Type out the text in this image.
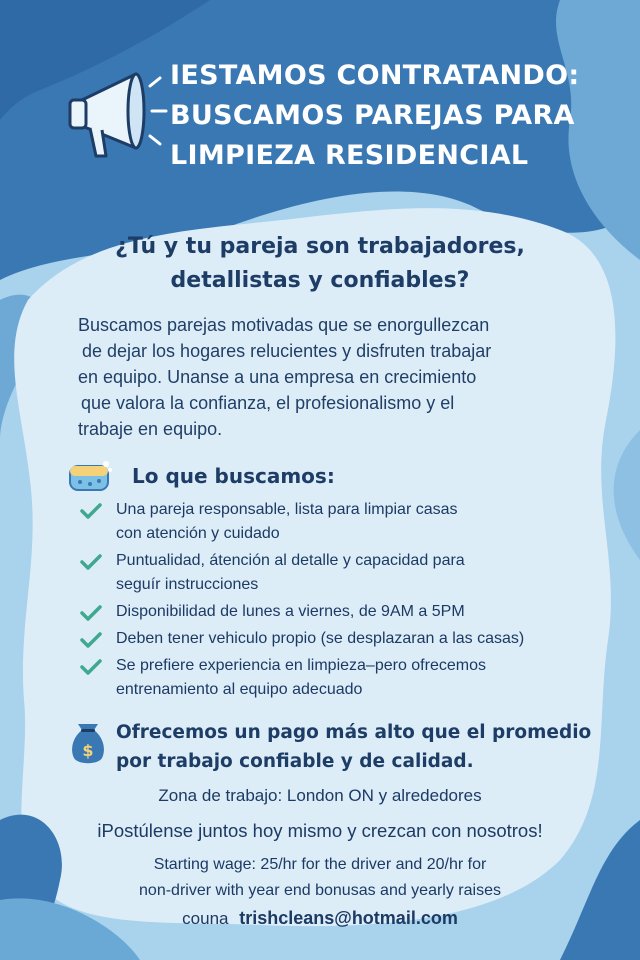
IESTAMOS CONTRATANDO:
BUSCAMOS PAREJAS PARA
LIMPIEZA RESIDENCIAL
¿Tú y tu pareja son trabajadores,
detallistas y confiables?
Buscamos parejas motivadas que se enorgullezcan
de dejar los hogares relucientes y disfruten trabajar
en equipo. Unanse a una empresa en crecimiento
que valora la confianza, el profesionalismo y el
trabaje en equipo.
Lo que buscamos:
Una pareja responsable, lista para limpiar casas
con atención y cuidado
Puntualidad, átención al detalle y capacidad para
seguír instrucciones
Disponibilidad de lunes a viernes, de 9AM a 5PM
Deben tener vehiculo propio (se desplazaran a las casas)
Se prefiere experiencia en limpieza–pero ofrecemos
entrenamiento al equipo adecuado
$
Ofrecemos un pago más alto que el promedio
por trabajo confiable y de calidad.
Zona de trabajo: London ON y alrededores
iPostúlense juntos hoy mismo y crezcan con nosotros!
Starting wage: 25/hr for the driver and 20/hr for
non-driver with year end bonusas and yearly raises
couna trishcleans@hotmail.com
